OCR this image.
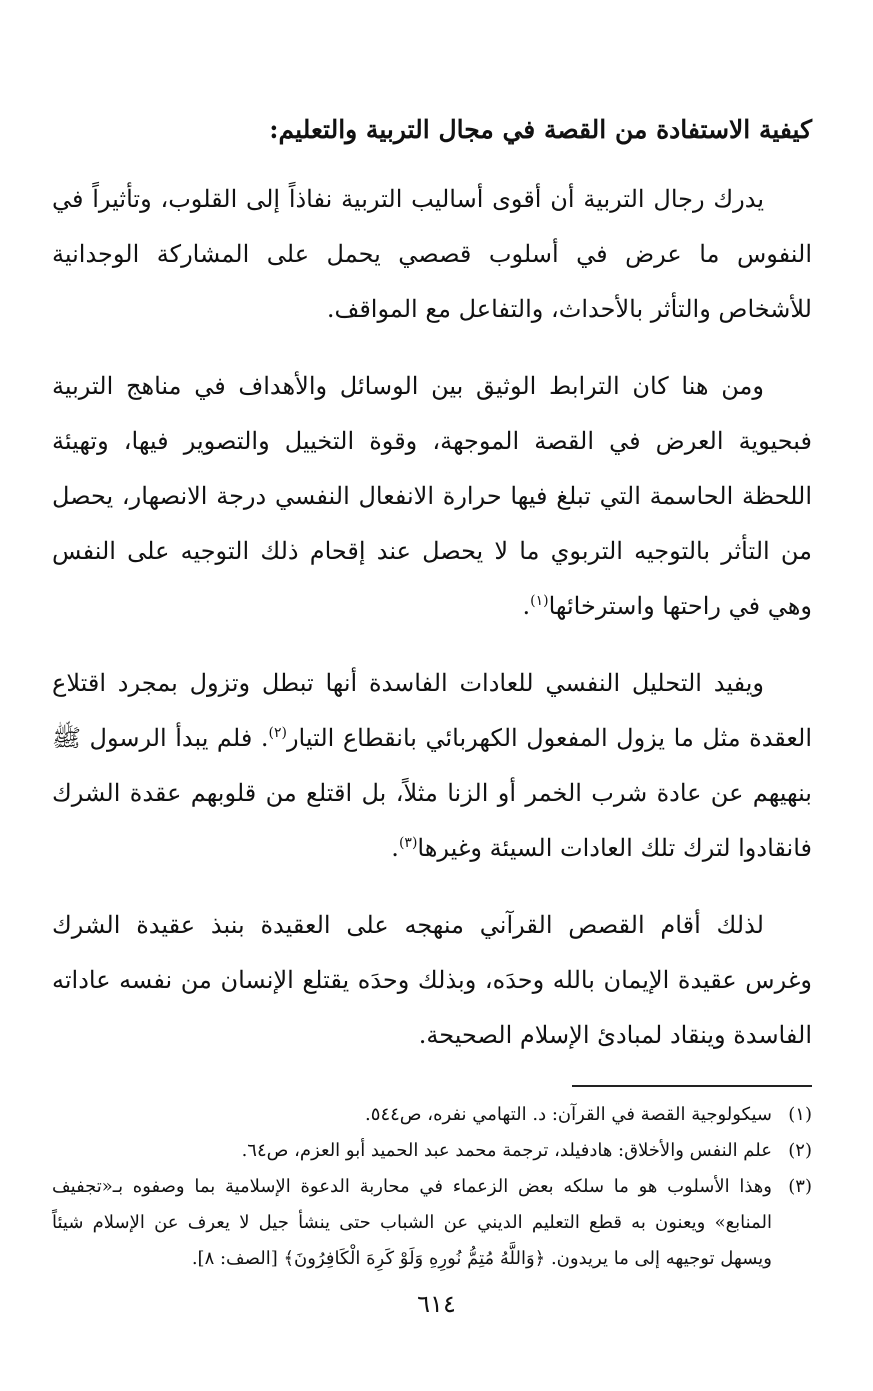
كيفية الاستفادة من القصة في مجال التربية والتعليم:

يدرك رجال التربية أن أقوى أساليب التربية نفاذاً إلى القلوب، وتأثيراً في النفوس ما عرض في أسلوب قصصي يحمل على المشاركة الوجدانية للأشخاص والتأثر بالأحداث، والتفاعل مع المواقف.

ومن هنا كان الترابط الوثيق بين الوسائل والأهداف في مناهج التربية فبحيوية العرض في القصة الموجهة، وقوة التخييل والتصوير فيها، وتهيئة اللحظة الحاسمة التي تبلغ فيها حرارة الانفعال النفسي درجة الانصهار، يحصل من التأثر بالتوجيه التربوي ما لا يحصل عند إقحام ذلك التوجيه على النفس وهي في راحتها واسترخائها$^{(١)}$.

ويفيد التحليل النفسي للعادات الفاسدة أنها تبطل وتزول بمجرد اقتلاع العقدة مثل ما يزول المفعول الكهربائي بانقطاع التيار$^{(٢)}$. فلم يبدأ الرسول ﷺ بنهيهم عن عادة شرب الخمر أو الزنا مثلاً، بل اقتلع من قلوبهم عقدة الشرك فانقادوا لترك تلك العادات السيئة وغيرها$^{(٣)}$.

لذلك أقام القصص القرآني منهجه على العقيدة بنبذ عقيدة الشرك وغرس عقيدة الإيمان بالله وحدَه، وبذلك وحدَه يقتلع الإنسان من نفسه عاداته الفاسدة وينقاد لمبادئ الإسلام الصحيحة.

(١)سيكولوجية القصة في القرآن: د. التهامي نفره، ص٥٤٤.

(٢)علم النفس والأخلاق: هادفيلد، ترجمة محمد عبد الحميد أبو العزم، ص٦٤.

(٣)وهذا الأسلوب هو ما سلكه بعض الزعماء في محاربة الدعوة الإسلامية بما وصفوه بـ«تجفيف المنابع» ويعنون به قطع التعليم الديني عن الشباب حتى ينشأ جيل لا يعرف عن الإسلام شيئاً ويسهل توجيهه إلى ما يريدون. ﴿وَاللَّهُ مُتِمُّ نُورِهِ وَلَوْ كَرِهَ الْكَافِرُونَ﴾ [الصف: ٨].

٦١٤
